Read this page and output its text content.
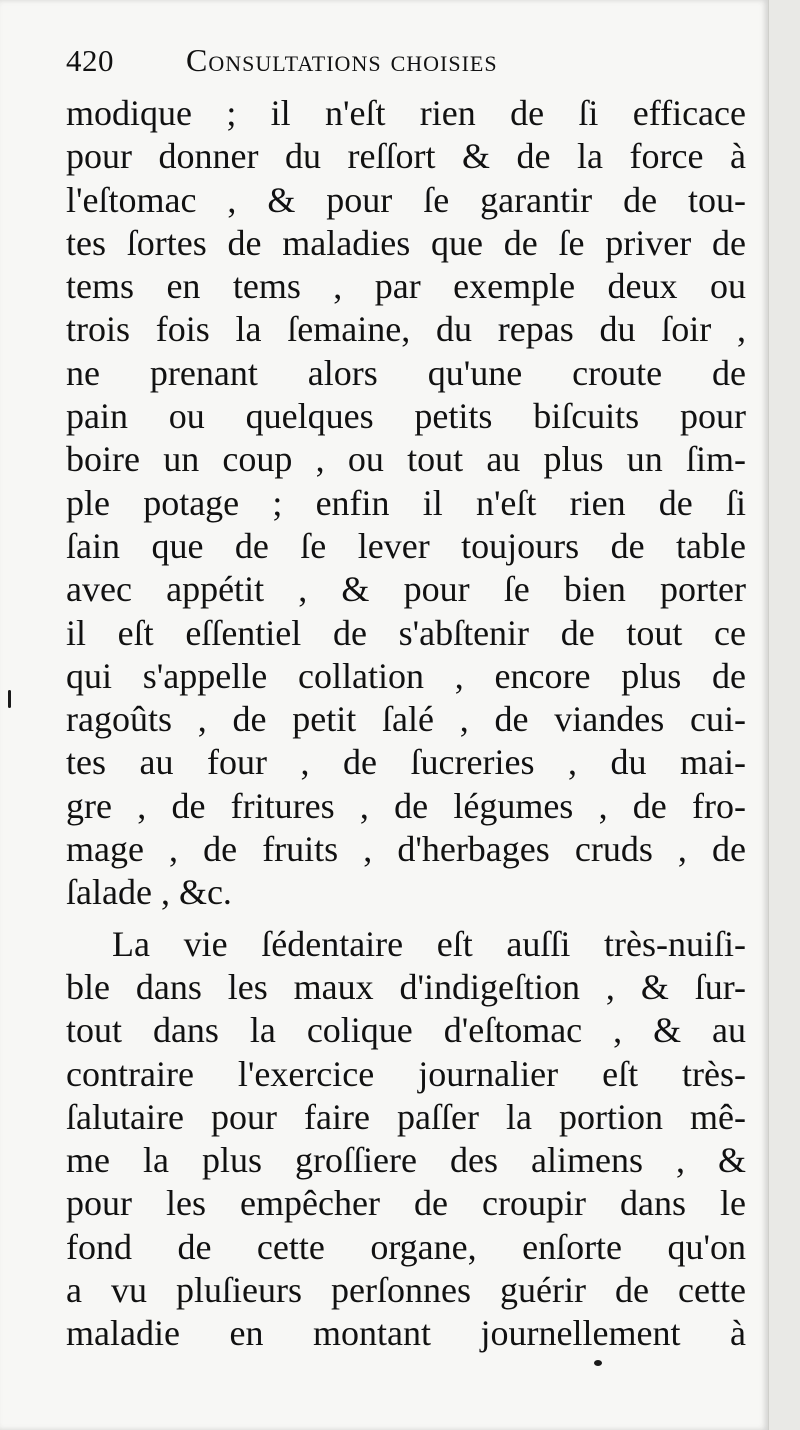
420	Consultations choisies
modique ; il n'eſt rien de ſi efficace
pour donner du reſſort & de la force à
l'eſtomac , & pour ſe garantir de tou-
tes ſortes de maladies que de ſe priver de
tems en tems , par exemple deux ou
trois fois la ſemaine, du repas du ſoir ,
ne prenant alors qu'une croute de
pain ou quelques petits biſcuits pour
boire un coup , ou tout au plus un ſim-
ple potage ; enfin il n'eſt rien de ſi
ſain que de ſe lever toujours de table
avec appétit , & pour ſe bien porter
il eſt eſſentiel de s'abſtenir de tout ce
qui s'appelle collation , encore plus de
ragoûts , de petit ſalé , de viandes cui-
tes au four , de ſucreries , du mai-
gre , de fritures , de légumes , de fro-
mage , de fruits , d'herbages cruds , de
ſalade , &c.
La vie ſédentaire eſt auſſi très-nuiſi-
ble dans les maux d'indigeſtion , & ſur-
tout dans la colique d'eſtomac , & au
contraire l'exercice journalier eſt très-
ſalutaire pour faire paſſer la portion mê-
me la plus groſſiere des alimens , &
pour les empêcher de croupir dans le
fond de cette organe, enſorte qu'on
a vu pluſieurs perſonnes guérir de cette
maladie en montant journellement à
